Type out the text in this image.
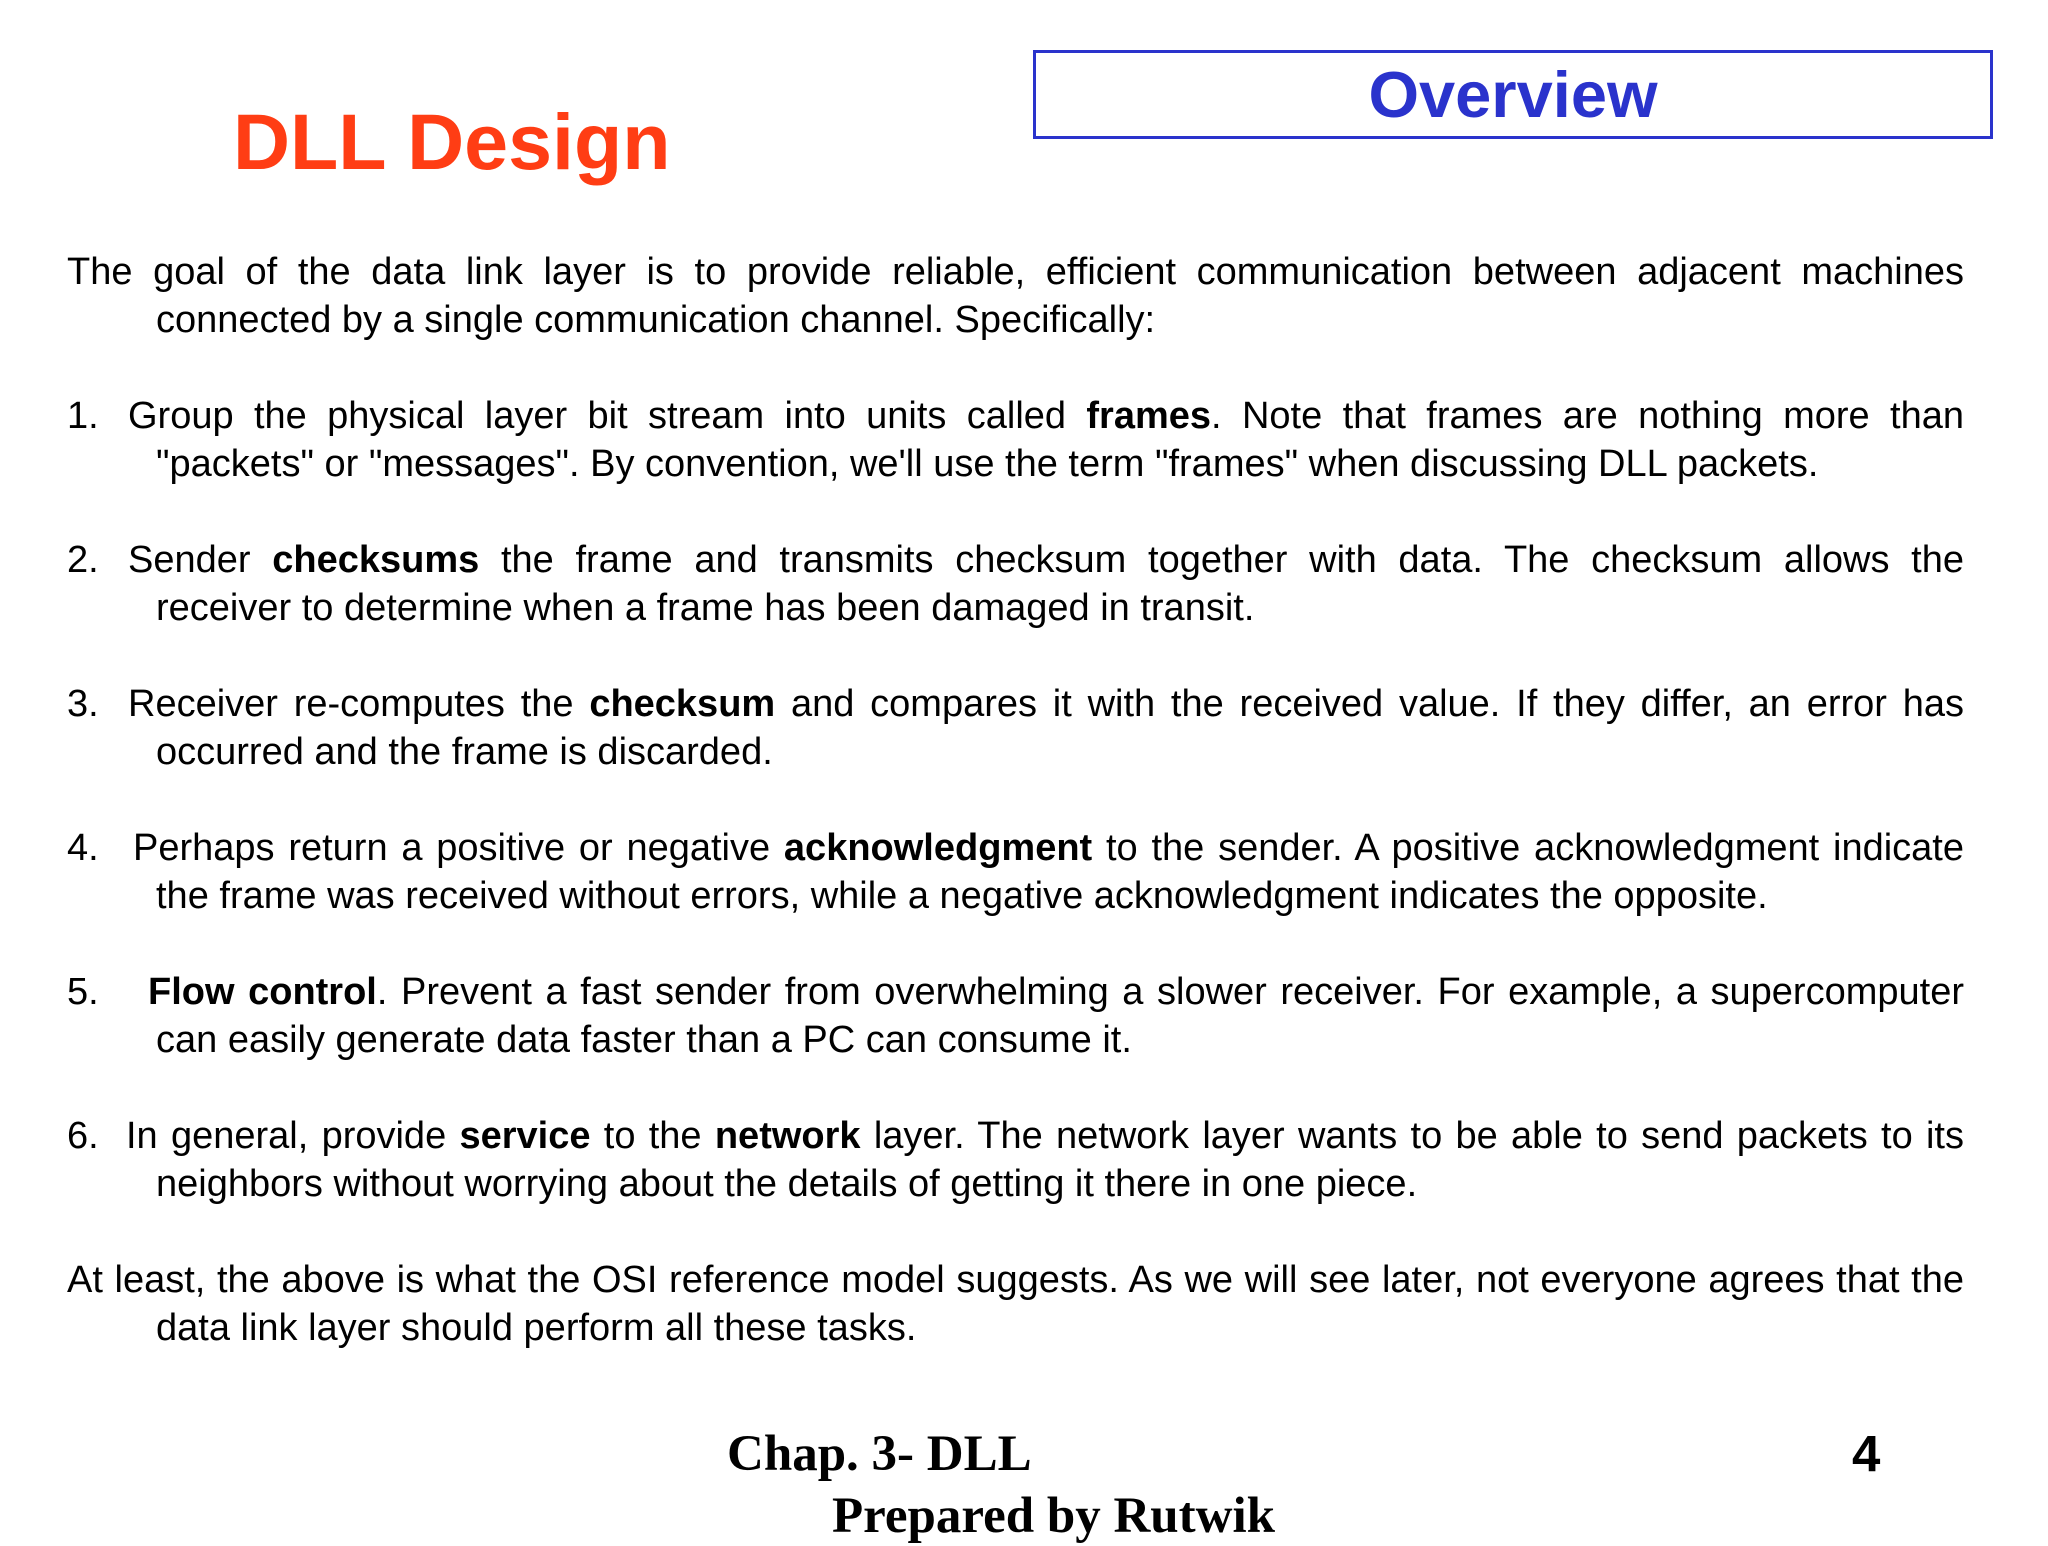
DLL Design
Overview

The goal of the data link layer is to provide reliable, efficient communication between adjacent machines connected by a single communication channel. Specifically:

1. Group the physical layer bit stream into units called frames. Note that frames are nothing more than "packets" or "messages". By convention, we'll use the term "frames" when discussing DLL packets.

2. Sender checksums the frame and transmits checksum together with data. The checksum allows the receiver to determine when a frame has been damaged in transit.

3. Receiver re-computes the checksum and compares it with the received value. If they differ, an error has occurred and the frame is discarded.

4. Perhaps return a positive or negative acknowledgment to the sender. A positive acknowledgment indicate the frame was received without errors, while a negative acknowledgment indicates the opposite.

5. Flow control. Prevent a fast sender from overwhelming a slower receiver. For example, a supercomputer can easily generate data faster than a PC can consume it.

6. In general, provide service to the network layer. The network layer wants to be able to send packets to its neighbors without worrying about the details of getting it there in one piece.

At least, the above is what the OSI reference model suggests. As we will see later, not everyone agrees that the data link layer should perform all these tasks.

Chap. 3- DLL
Prepared by Rutwik
4
